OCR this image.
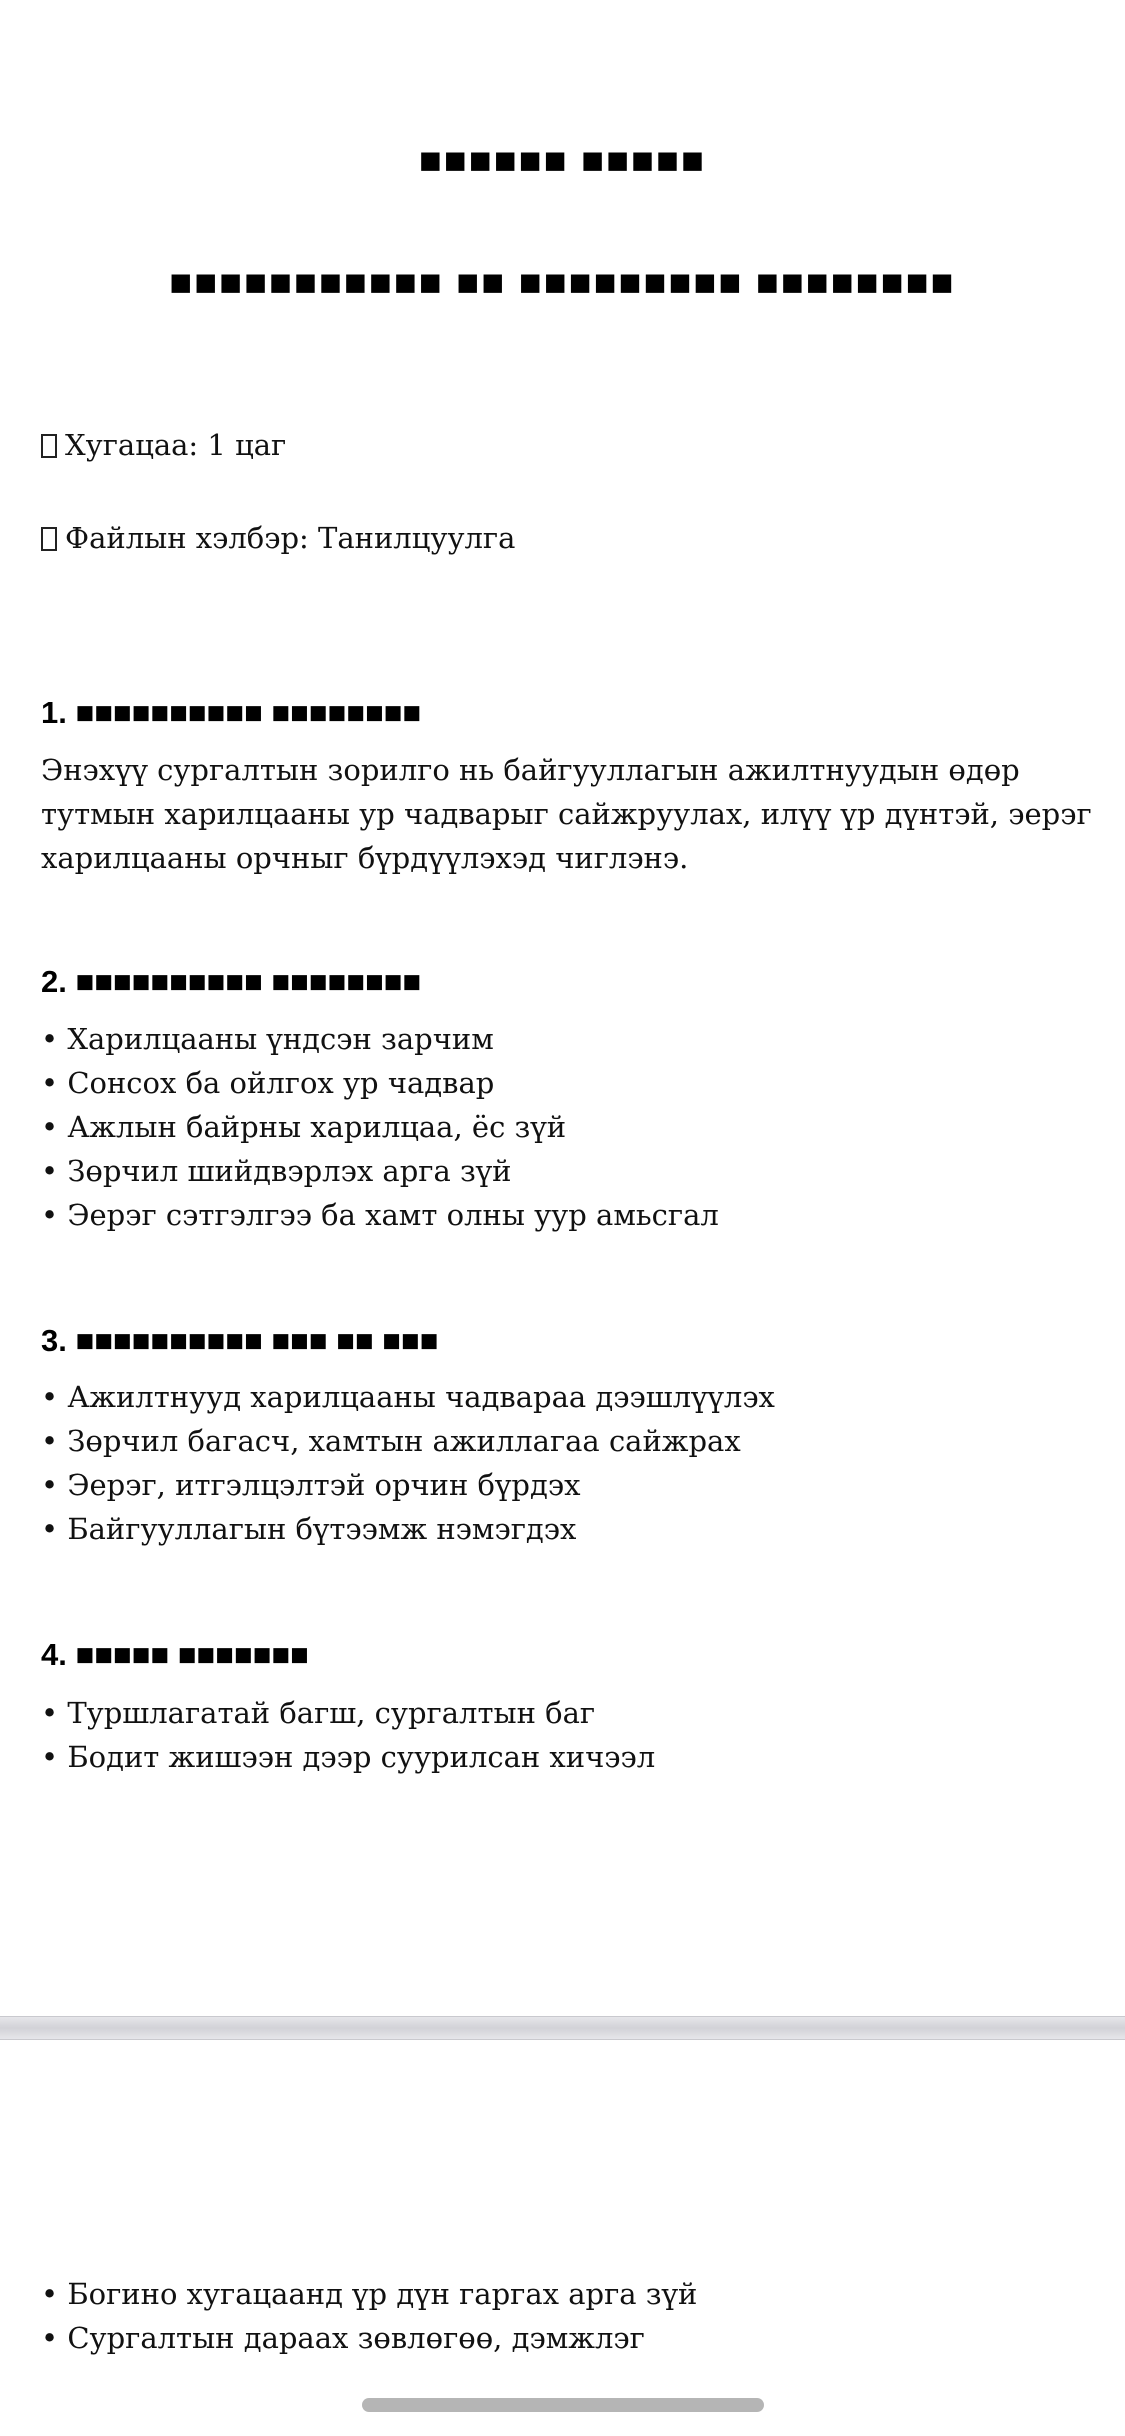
■■■■■■ ■■■■■
■■■■■■■■■■■ ■■ ■■■■■■■■■ ■■■■■■■■
Хугацаа: 1 цаг
Файлын хэлбэр: Танилцуулга
1. ■■■■■■■■■■ ■■■■■■■■
Энэхүү сургалтын зорилго нь байгууллагын ажилтнуудын өдөр тутмын харилцааны ур чадварыг сайжруулах, илүү үр дүнтэй, эерэг харилцааны орчныг бүрдүүлэхэд чиглэнэ.
2. ■■■■■■■■■■ ■■■■■■■■
• Харилцааны үндсэн зарчим
• Сонсох ба ойлгох ур чадвар
• Ажлын байрны харилцаа, ёс зүй
• Зөрчил шийдвэрлэх арга зүй
• Эерэг сэтгэлгээ ба хамт олны уур амьсгал
3. ■■■■■■■■■■ ■■■ ■■ ■■■
• Ажилтнууд харилцааны чадвараа дээшлүүлэх
• Зөрчил багасч, хамтын ажиллагаа сайжрах
• Эерэг, итгэлцэлтэй орчин бүрдэх
• Байгууллагын бүтээмж нэмэгдэх
4. ■■■■■ ■■■■■■■
• Туршлагатай багш, сургалтын баг
• Бодит жишээн дээр суурилсан хичээл
• Богино хугацаанд үр дүн гаргах арга зүй
• Сургалтын дараах зөвлөгөө, дэмжлэг
